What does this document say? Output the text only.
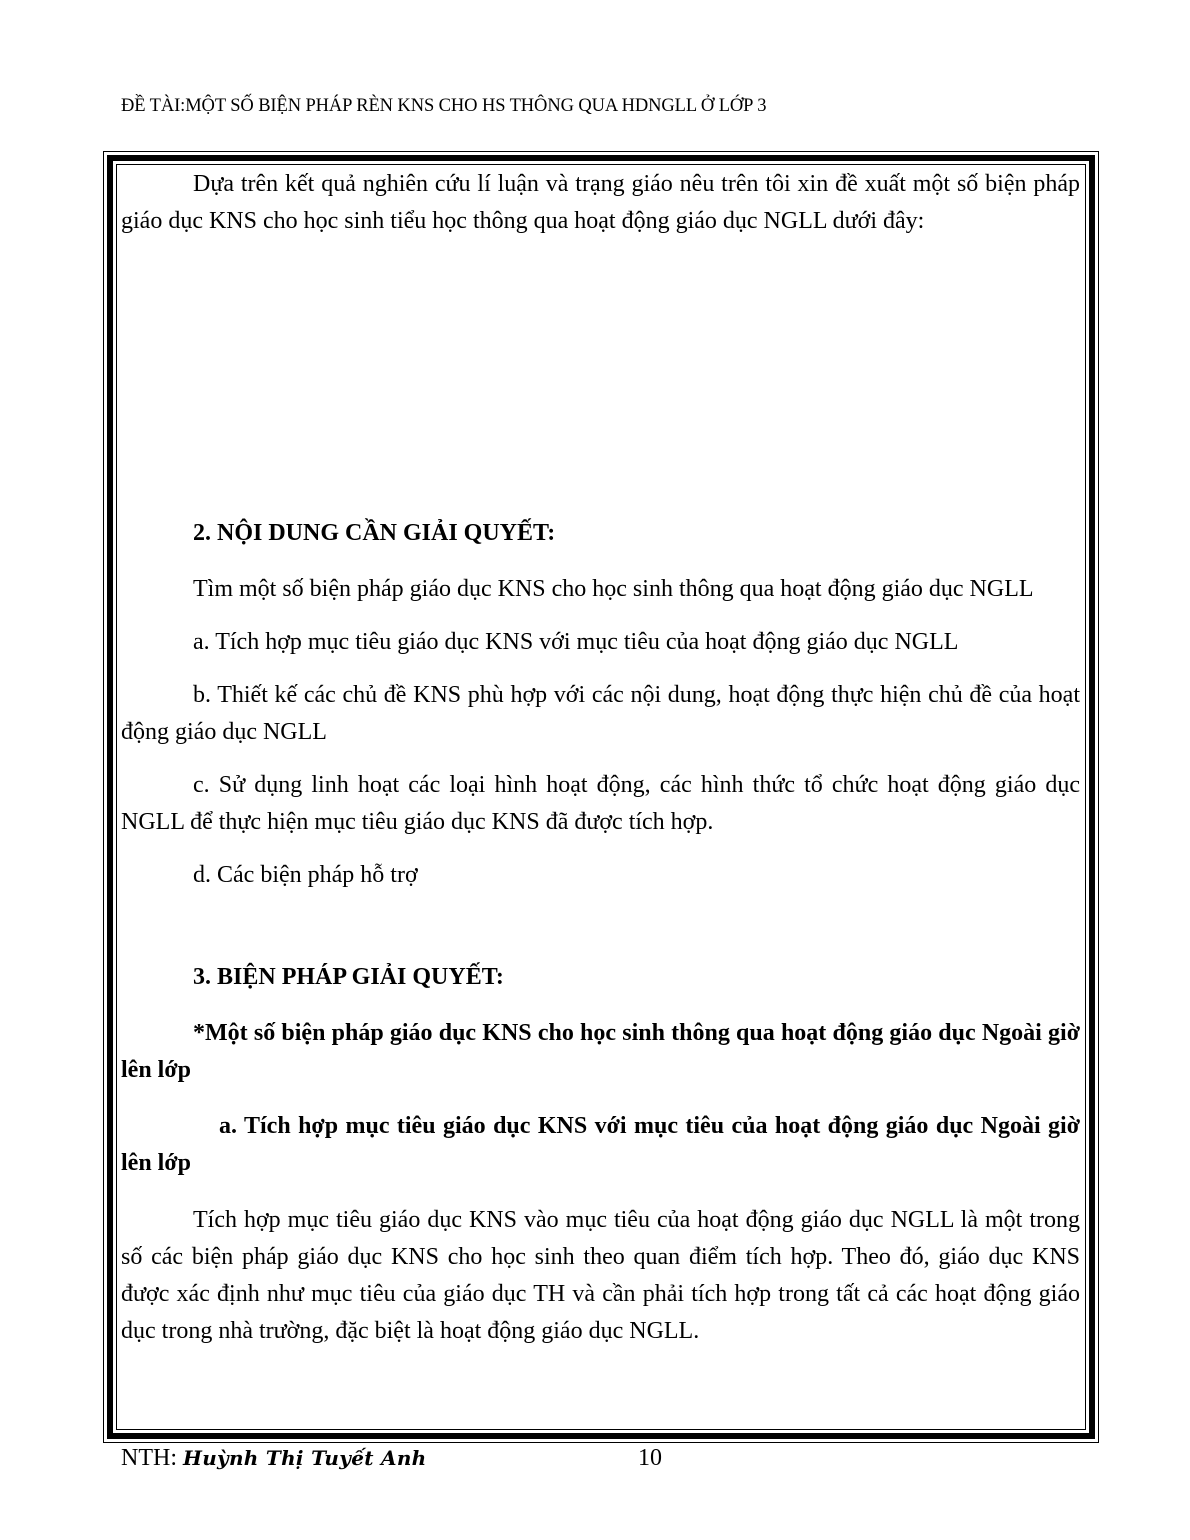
ĐỀ TÀI:MỘT SỐ BIỆN PHÁP RÈN KNS CHO HS THÔNG QUA HDNGLL Ở LỚP 3

Dựa trên kết quả nghiên cứu lí luận và trạng giáo nêu trên tôi xin đề xuất một số biện pháp giáo dục KNS cho học sinh tiểu học thông qua hoạt động giáo dục NGLL dưới đây:

2. NỘI DUNG CẦN GIẢI QUYẾT:

Tìm một số biện pháp giáo dục KNS cho học sinh thông qua hoạt động giáo dục NGLL

a. Tích hợp mục tiêu giáo dục KNS với mục tiêu của hoạt động giáo dục NGLL

b. Thiết kế các chủ đề KNS phù hợp với các nội dung, hoạt động thực hiện chủ đề của hoạt động giáo dục NGLL

c. Sử dụng linh hoạt các loại hình hoạt động, các hình thức tổ chức hoạt động giáo dục NGLL để thực hiện mục tiêu giáo dục KNS đã được tích hợp.

d. Các biện pháp hỗ trợ

3. BIỆN PHÁP GIẢI QUYẾT:

*Một số biện pháp giáo dục KNS cho học sinh thông qua hoạt động giáo dục Ngoài giờ lên lớp

a. Tích hợp mục tiêu giáo dục KNS với mục tiêu của hoạt động giáo dục Ngoài giờ lên lớp

Tích hợp mục tiêu giáo dục KNS vào mục tiêu của hoạt động giáo dục NGLL là một trong số các biện pháp giáo dục KNS cho học sinh theo quan điểm tích hợp. Theo đó, giáo dục KNS được xác định như mục tiêu của giáo dục TH và cần phải tích hợp trong tất cả các hoạt động giáo dục trong nhà trường, đặc biệt là hoạt động giáo dục NGLL.

NTH: Huỳnh Thị Tuyết Anh	10
